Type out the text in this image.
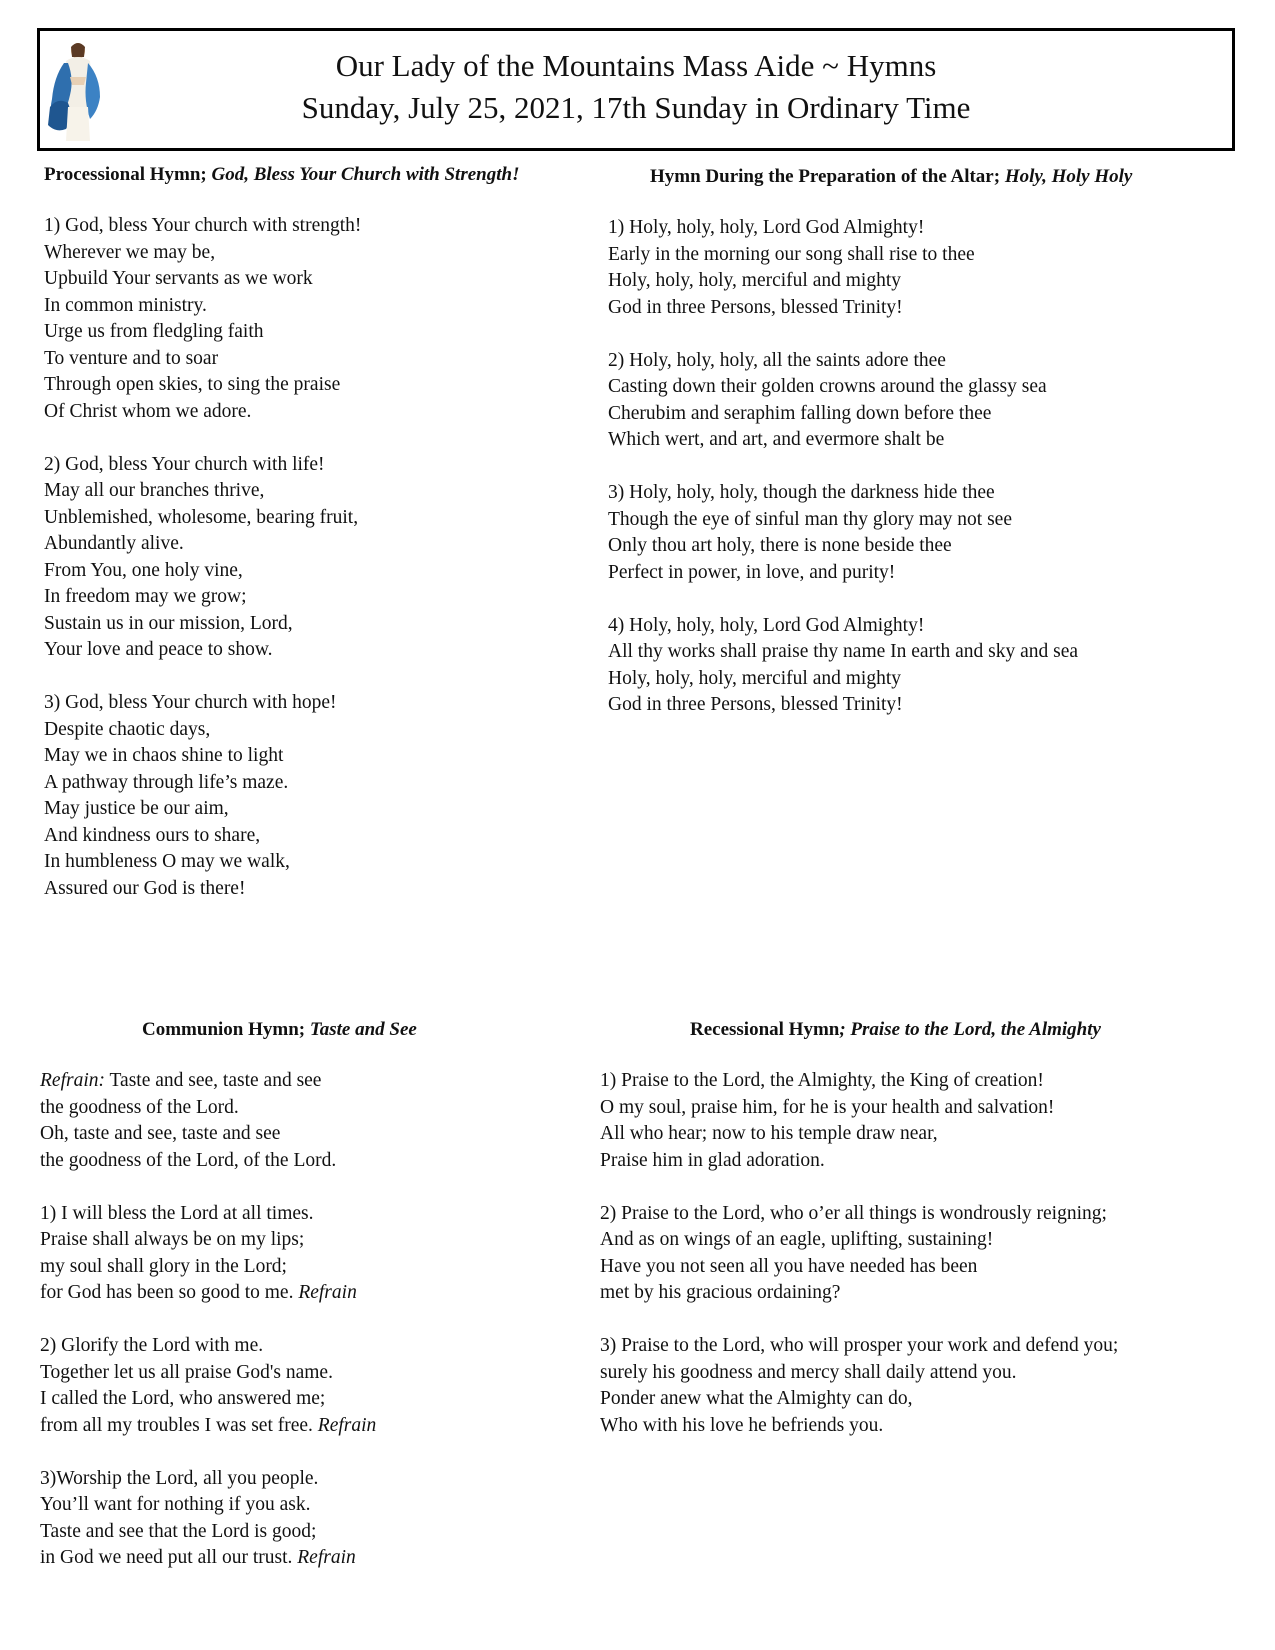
Our Lady of the Mountains Mass Aide ~ Hymns
Sunday, July 25, 2021, 17th Sunday in Ordinary Time
Processional Hymn; God, Bless Your Church with Strength!
1) God, bless Your church with strength!
Wherever we may be,
Upbuild Your servants as we work
In common ministry.
Urge us from fledgling faith
To venture and to soar
Through open skies, to sing the praise
Of Christ whom we adore.
2) God, bless Your church with life!
May all our branches thrive,
Unblemished, wholesome, bearing fruit,
Abundantly alive.
From You, one holy vine,
In freedom may we grow;
Sustain us in our mission, Lord,
Your love and peace to show.
3) God, bless Your church with hope!
Despite chaotic days,
May we in chaos shine to light
A pathway through life’s maze.
May justice be our aim,
And kindness ours to share,
In humbleness O may we walk,
Assured our God is there!
Hymn During the Preparation of the Altar; Holy, Holy Holy
1) Holy, holy, holy, Lord God Almighty!
Early in the morning our song shall rise to thee
Holy, holy, holy, merciful and mighty
God in three Persons, blessed Trinity!
2) Holy, holy, holy, all the saints adore thee
Casting down their golden crowns around the glassy sea
Cherubim and seraphim falling down before thee
Which wert, and art, and evermore shalt be
3) Holy, holy, holy, though the darkness hide thee
Though the eye of sinful man thy glory may not see
Only thou art holy, there is none beside thee
Perfect in power, in love, and purity!
4) Holy, holy, holy, Lord God Almighty!
All thy works shall praise thy name In earth and sky and sea
Holy, holy, holy, merciful and mighty
God in three Persons, blessed Trinity!
Communion Hymn; Taste and See
Refrain: Taste and see, taste and see
the goodness of the Lord.
Oh, taste and see, taste and see
the goodness of the Lord, of the Lord.
1) I will bless the Lord at all times.
Praise shall always be on my lips;
my soul shall glory in the Lord;
for God has been so good to me. Refrain
2) Glorify the Lord with me.
Together let us all praise God's name.
I called the Lord, who answered me;
from all my troubles I was set free. Refrain
3)Worship the Lord, all you people.
You’ll want for nothing if you ask.
Taste and see that the Lord is good;
in God we need put all our trust. Refrain
Recessional Hymn; Praise to the Lord, the Almighty
1) Praise to the Lord, the Almighty, the King of creation!
O my soul, praise him, for he is your health and salvation!
All who hear; now to his temple draw near,
Praise him in glad adoration.
2) Praise to the Lord, who o’er all things is wondrously reigning;
And as on wings of an eagle, uplifting, sustaining!
Have you not seen all you have needed has been
met by his gracious ordaining?
3) Praise to the Lord, who will prosper your work and defend you;
surely his goodness and mercy shall daily attend you.
Ponder anew what the Almighty can do,
Who with his love he befriends you.
